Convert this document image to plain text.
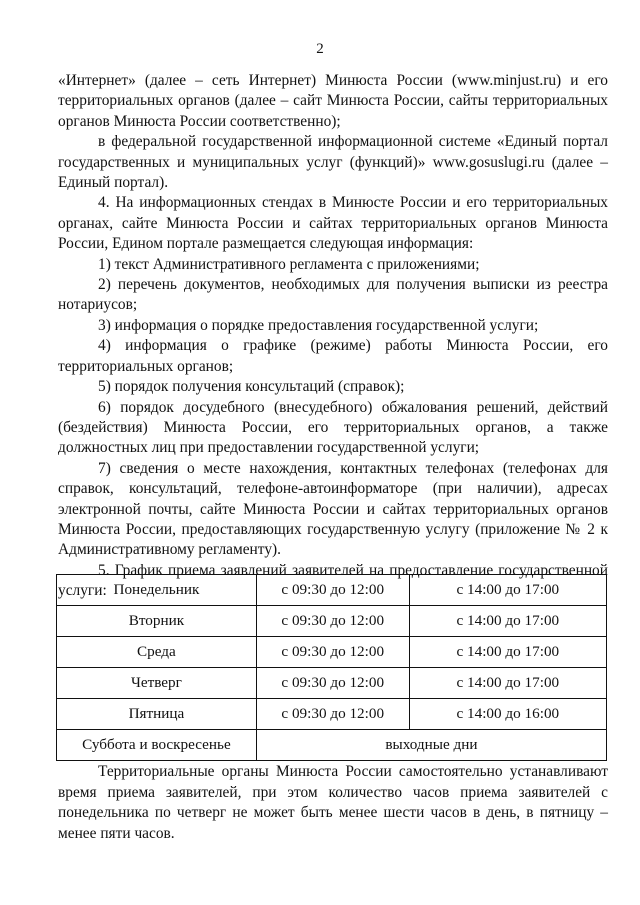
2

«Интернет» (далее – сеть Интернет) Минюста России (www.minjust.ru) и его территориальных органов (далее – сайт Минюста России, сайты территориальных органов Минюста России соответственно);

в федеральной государственной информационной системе «Единый портал государственных и муниципальных услуг (функций)» www.gosuslugi.ru (далее – Единый портал).

4. На информационных стендах в Минюсте России и его территориальных органах, сайте Минюста России и сайтах территориальных органов Минюста России, Едином портале размещается следующая информация:

1) текст Административного регламента с приложениями;

2) перечень документов, необходимых для получения выписки из реестра нотариусов;

3) информация о порядке предоставления государственной услуги;

4) информация о графике (режиме) работы Минюста России, его территориальных органов;

5) порядок получения консультаций (справок);

6) порядок досудебного (внесудебного) обжалования решений, действий (бездействия) Минюста России, его территориальных органов, а также должностных лиц при предоставлении государственной услуги;

7) сведения о месте нахождения, контактных телефонах (телефонах для справок, консультаций, телефоне-автоинформаторе (при наличии), адресах электронной почты, сайте Минюста России и сайтах территориальных органов Минюста России, предоставляющих государственную услугу (приложение № 2 к Административному регламенту).

5. График приема заявлений заявителей на предоставление государственной услуги: Понедельник	с 09:30 до 12:00	с 14:00 до 17:00
Вторник	с 09:30 до 12:00	с 14:00 до 17:00
Среда	с 09:30 до 12:00	с 14:00 до 17:00
Четверг	с 09:30 до 12:00	с 14:00 до 17:00
Пятница	с 09:30 до 12:00	с 14:00 до 16:00
Суббота и воскресенье	выходные дни	

Территориальные органы Минюста России самостоятельно устанавливают время приема заявителей, при этом количество часов приема заявителей с понедельника по четверг не может быть менее шести часов в день, в пятницу – менее пяти часов.
